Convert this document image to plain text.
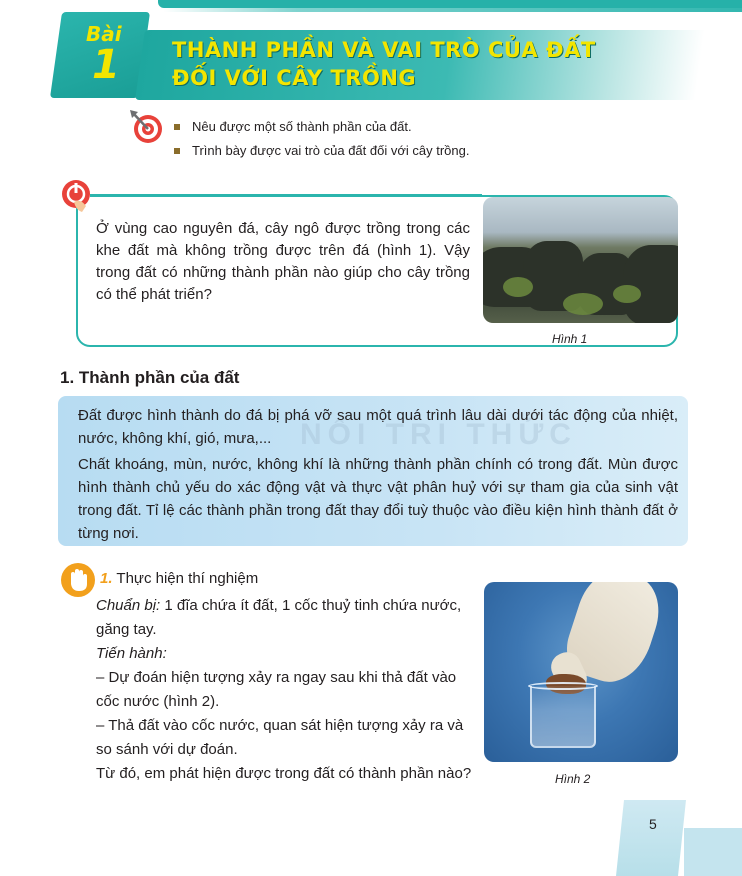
Bài
1 THÀNH PHẦN VÀ VAI TRÒ CỦA ĐẤT
ĐỐI VỚI CÂY TRỒNG
Nêu được một số thành phần của đất.
Trình bày được vai trò của đất đối với cây trồng.
Ở vùng cao nguyên đá, cây ngô được trồng trong các khe đất mà không trồng được trên đá (hình 1). Vậy trong đất có những thành phần nào giúp cho cây trồng có thể phát triển?
Hình 1
1. Thành phần của đất
NỐI TRI THỨC
Đất được hình thành do đá bị phá vỡ sau một quá trình lâu dài dưới tác động của nhiệt, nước, không khí, gió, mưa,...
Chất khoáng, mùn, nước, không khí là những thành phần chính có trong đất. Mùn được hình thành chủ yếu do xác động vật và thực vật phân huỷ với sự tham gia của sinh vật trong đất. Tỉ lệ các thành phần trong đất thay đổi tuỳ thuộc vào điều kiện hình thành đất ở từng nơi.
1. Thực hiện thí nghiệm
Chuẩn bị: 1 đĩa chứa ít đất, 1 cốc thuỷ tinh chứa nước, găng tay.
Tiến hành:
– Dự đoán hiện tượng xảy ra ngay sau khi thả đất vào cốc nước (hình 2).
– Thả đất vào cốc nước, quan sát hiện tượng xảy ra và so sánh với dự đoán.
Từ đó, em phát hiện được trong đất có thành phần nào?	Hình 2
5
